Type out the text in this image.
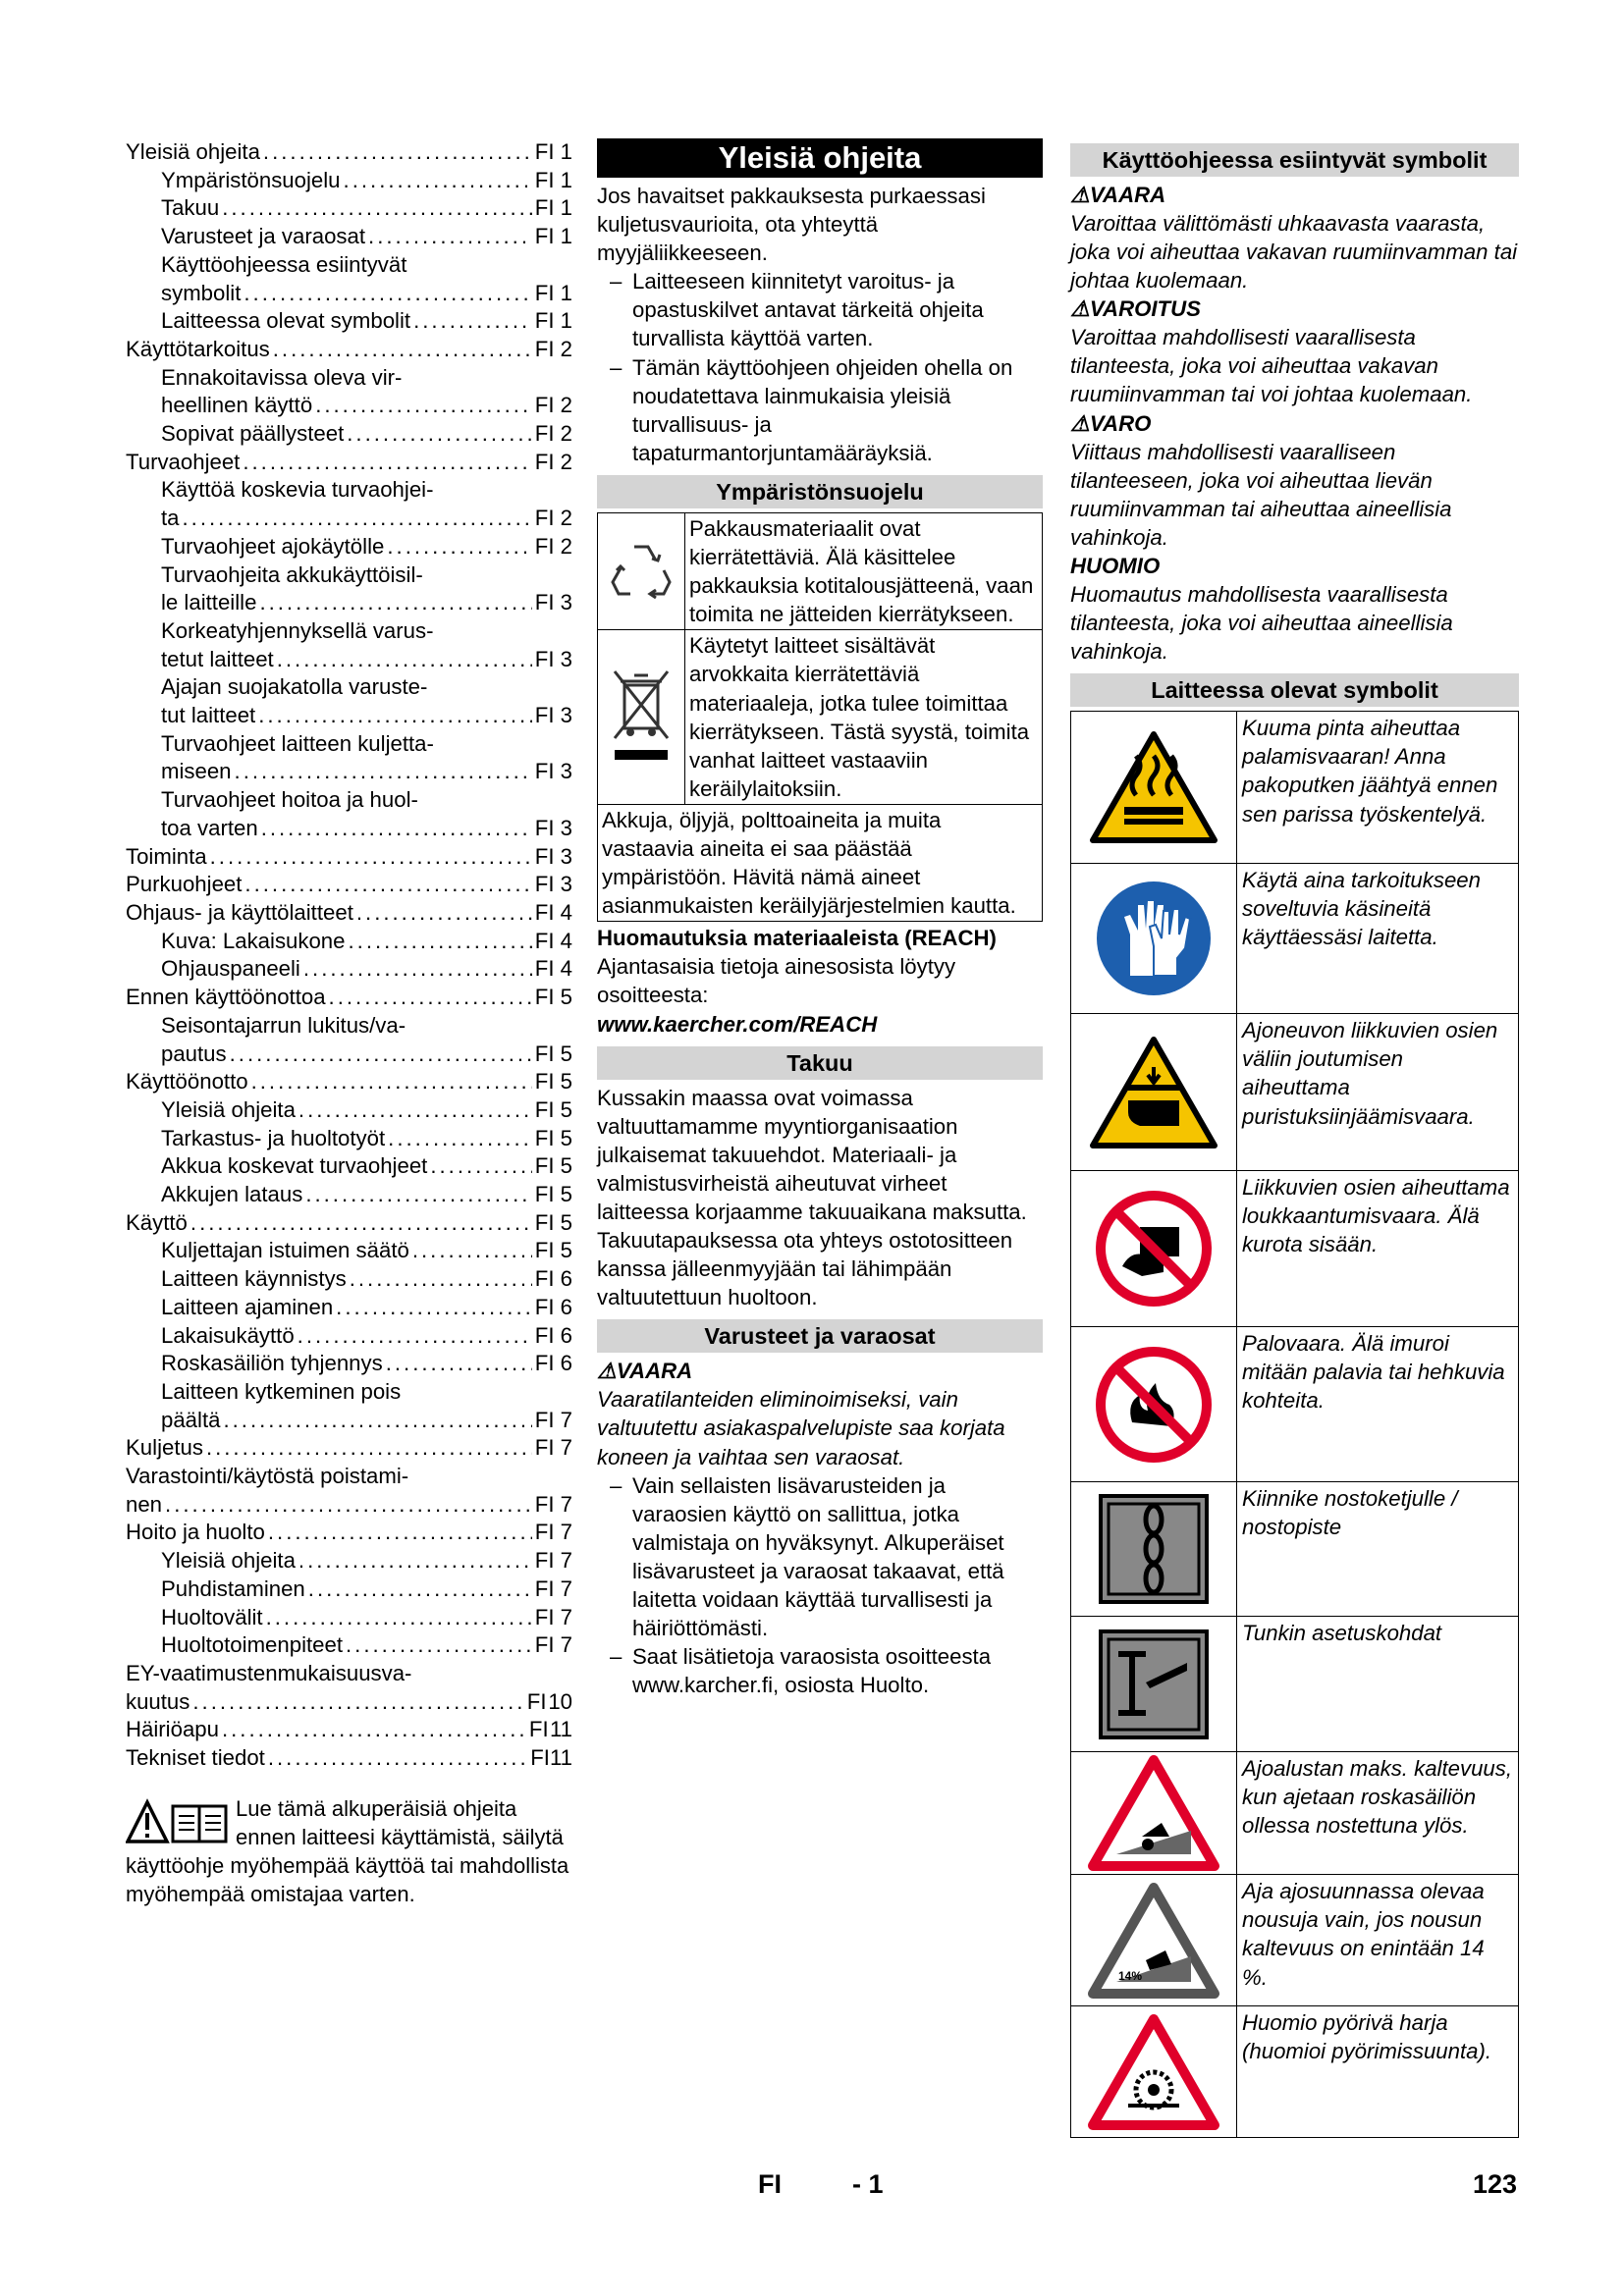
Yleisiä ohjeita .....	FI 1
Ympäristönsuojelu .....	FI 1
Takuu .....	FI 1
Varusteet ja varaosat .....	FI 1
Käyttöohjeessa esiintyvät
symbolit .....	FI 1
Laitteessa olevat symbolit .....	FI 1
Käyttötarkoitus .....	FI 2
Ennakoitavissa oleva vir-
heellinen käyttö .....	FI 2
Sopivat päällysteet .....	FI 2
Turvaohjeet .....	FI 2
Käyttöä koskevia turvaohjei-
ta .....	FI 2
Turvaohjeet ajokäytölle .....	FI 2
Turvaohjeita akkukäyttöisil-
le laitteille .....	FI 3
Korkeatyhjennyksellä varus-
tetut laitteet .....	FI 3
Ajajan suojakatolla varuste-
tut laitteet .....	FI 3
Turvaohjeet laitteen kuljetta-
miseen .....	FI 3
Turvaohjeet hoitoa ja huol-
toa varten .....	FI 3
Toiminta .....	FI 3
Purkuohjeet .....	FI 3
Ohjaus- ja käyttölaitteet .....	FI 4
Kuva: Lakaisukone .....	FI 4
Ohjauspaneeli .....	FI 4
Ennen käyttöönottoa .....	FI 5
Seisontajarrun lukitus/va-
pautus .....	FI 5
Käyttöönotto .....	FI 5
Yleisiä ohjeita .....	FI 5
Tarkastus- ja huoltotyöt .....	FI 5
Akkua koskevat turvaohjeet .....	FI 5
Akkujen lataus .....	FI 5
Käyttö .....	FI 5
Kuljettajan istuimen säätö .....	FI 5
Laitteen käynnistys .....	FI 6
Laitteen ajaminen .....	FI 6
Lakaisukäyttö .....	FI 6
Roskasäiliön tyhjennys .....	FI 6
Laitteen kytkeminen pois
päältä .....	FI 7
Kuljetus .....	FI 7
Varastointi/käytöstä poistami-
nen .....	FI 7
Hoito ja huolto .....	FI 7
Yleisiä ohjeita .....	FI 7
Puhdistaminen .....	FI 7
Huoltovälit .....	FI 7
Huoltotoimenpiteet .....	FI 7
EY-vaatimustenmukaisuusva-
kuutus .....	FI 10
Häiriöapu .....	FI 11
Tekniset tiedot .....	FI 11
Lue tämä alkuperäisiä ohjeita ennen laitteesi käyttämistä, säilytä käyttöohje myöhempää käyttöä tai mahdollista myöhempää omistajaa varten.
Yleisiä ohjeita

Jos havaitset pakkauksesta purkaessasi kuljetusvaurioita, ota yhteyttä myyjäliikkeeseen.

– Laitteeseen kiinnitetyt varoitus- ja opastuskilvet antavat tärkeitä ohjeita turvallista käyttöä varten.

– Tämän käyttöohjeen ohjeiden ohella on noudatettava lainmukaisia yleisiä turvallisuus- ja tapaturmantorjuntamääräyksiä.

Ympäristönsuojelu
Pakkausmateriaalit ovat kierrätettäviä. Älä käsittelee pakkauksia kotitalousjätteenä, vaan toimita ne jätteiden kierrätykseen.
Käytetyt laitteet sisältävät arvokkaita kierrätettäviä materiaaleja, jotka tulee toimittaa kierrätykseen. Tästä syystä, toimita vanhat laitteet vastaaviin keräilylaitoksiin.
Akkuja, öljyjä, polttoaineita ja muita vastaavia aineita ei saa päästää ympäristöön. Hävitä nämä aineet asianmukaisten keräilyjärjestelmien kautta.

Huomautuksia materiaaleista (REACH)

Ajantasaisia tietoja ainesosista löytyy osoitteesta:

www.kaercher.com/REACH

Takuu

Kussakin maassa ovat voimassa valtuuttamamme myyntiorganisaation julkaisemat takuuehdot. Materiaali- ja valmistusvirheistä aiheutuvat virheet laitteessa korjaamme takuuaikana maksutta. Takuutapauksessa ota yhteys ostotositteen kanssa jälleenmyyjään tai lähimpään valtuutettuun huoltoon.

Varusteet ja varaosat
⚠VAARA

Vaaratilanteiden eliminoimiseksi, vain valtuutettu asiakaspalvelupiste saa korjata koneen ja vaihtaa sen varaosat.

– Vain sellaisten lisävarusteiden ja varaosien käyttö on sallittua, jotka valmistaja on hyväksynyt. Alkuperäiset lisävarusteet ja varaosat takaavat, että laitetta voidaan käyttää turvallisesti ja häiriöttömästi.

– Saat lisätietoja varaosista osoitteesta www.karcher.fi, osiosta Huolto.

Käyttöohjeessa esiintyvät symbolit
⚠VAARA

Varoittaa välittömästi uhkaavasta vaarasta, joka voi aiheuttaa vakavan ruumiinvamman tai johtaa kuolemaan.

⚠VAROITUS

Varoittaa mahdollisesti vaarallisesta tilanteesta, joka voi aiheuttaa vakavan ruumiinvamman tai voi johtaa kuolemaan.

⚠VARO

Viittaus mahdollisesti vaaralliseen tilanteeseen, joka voi aiheuttaa lievän ruumiinvamman tai aiheuttaa aineellisia vahinkoja.

HUOMIO

Huomautus mahdollisesta vaarallisesta tilanteesta, joka voi aiheuttaa aineellisia vahinkoja.

Laitteessa olevat symbolit
Kuuma pinta aiheuttaa palamisvaaran! Anna pakoputken jäähtyä ennen sen parissa työskentelyä.
Käytä aina tarkoitukseen soveltuvia käsineitä käyttäessäsi laitetta.
Ajoneuvon liikkuvien osien väliin joutumisen aiheuttama puristuksiinjäämisvaara.
Liikkuvien osien aiheuttama loukkaantumisvaara. Älä kurota sisään.
Palovaara. Älä imuroi mitään palavia tai hehkuvia kohteita.
Kiinnike nostoketjulle / nostopiste
Tunkin asetuskohdat
Ajoalustan maks. kaltevuus, kun ajetaan roskasäiliön ollessa nostettuna ylös.
14%
Aja ajosuunnassa olevaa nousuja vain, jos nousun kaltevuus on enintään 14 %.
Huomio pyörivä harja (huomioi pyörimissuunta).
FI	- 1	123
